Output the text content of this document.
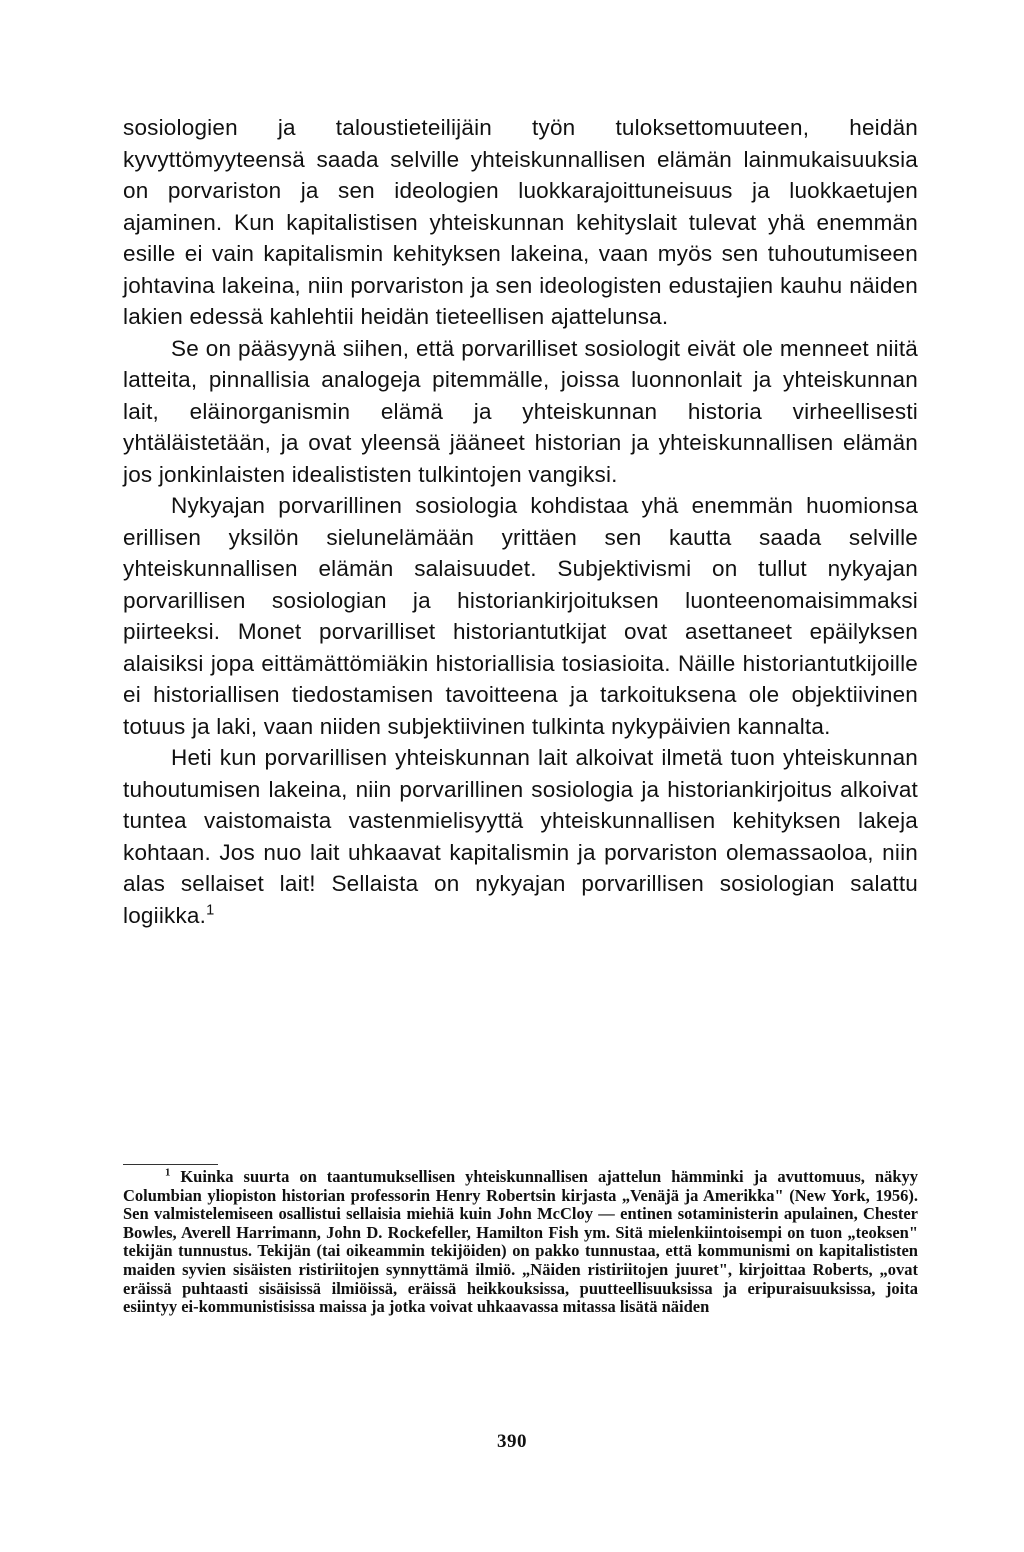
sosiologien ja taloustieteilijäin työn tuloksettomuuteen, heidän kyvyttömyyteensä saada selville yhteiskunnallisen elämän lainmukaisuuksia on porvariston ja sen ideologien luokkarajoittuneisuus ja luokkaetujen ajaminen. Kun kapitalistisen yhteiskunnan kehityslait tulevat yhä enemmän esille ei vain kapitalismin kehityksen lakeina, vaan myös sen tuhoutumiseen johtavina lakeina, niin porvariston ja sen ideologisten edustajien kauhu näiden lakien edessä kahlehtii heidän tieteellisen ajattelunsa.

Se on pääsyynä siihen, että porvarilliset sosiologit eivät ole menneet niitä latteita, pinnallisia analogeja pitemmälle, joissa luonnonlait ja yhteiskunnan lait, eläinorganismin elämä ja yhteiskunnan historia virheellisesti yhtäläistetään, ja ovat yleensä jääneet historian ja yhteiskunnallisen elämän jos jonkinlaisten idealististen tulkintojen vangiksi.

Nykyajan porvarillinen sosiologia kohdistaa yhä enemmän huomionsa erillisen yksilön sielunelämään yrittäen sen kautta saada selville yhteiskunnallisen elämän salaisuudet. Subjektivismi on tullut nykyajan porvarillisen sosiologian ja historiankirjoituksen luonteenomaisimmaksi piirteeksi. Monet porvarilliset historiantutkijat ovat asettaneet epäilyksen alaisiksi jopa eittämättömiäkin historiallisia tosiasioita. Näille historiantutkijoille ei historiallisen tiedostamisen tavoitteena ja tarkoituksena ole objektiivinen totuus ja laki, vaan niiden subjektiivinen tulkinta nykypäivien kannalta.

Heti kun porvarillisen yhteiskunnan lait alkoivat ilmetä tuon yhteiskunnan tuhoutumisen lakeina, niin porvarillinen sosiologia ja historiankirjoitus alkoivat tuntea vaistomaista vastenmielisyyttä yhteiskunnallisen kehityksen lakeja kohtaan. Jos nuo lait uhkaavat kapitalismin ja porvariston olemassaoloa, niin alas sellaiset lait! Sellaista on nykyajan porvarillisen sosiologian salattu logiikka.$^1$

$^1$ Kuinka suurta on taantumuksellisen yhteiskunnallisen ajattelun hämminki ja avuttomuus, näkyy Columbian yliopiston historian professorin Henry Robertsin kirjasta „Venäjä ja Amerikka" (New York, 1956). Sen valmistelemiseen osallistui sellaisia miehiä kuin John McCloy — entinen sotaministerin apulainen, Chester Bowles, Averell Harrimann, John D. Rockefeller, Hamilton Fish ym. Sitä mielenkiintoisempi on tuon „teoksen" tekijän tunnustus. Tekijän (tai oikeammin tekijöiden) on pakko tunnustaa, että kommunismi on kapitalististen maiden syvien sisäisten ristiriitojen synnyttämä ilmiö. „Näiden ristiriitojen juuret", kirjoittaa Roberts, „ovat eräissä puhtaasti sisäisissä ilmiöissä, eräissä heikkouksissa, puutteellisuuksissa ja eripuraisuuksissa, joita esiintyy ei-kommunistisissa maissa ja jotka voivat uhkaavassa mitassa lisätä näiden

390
